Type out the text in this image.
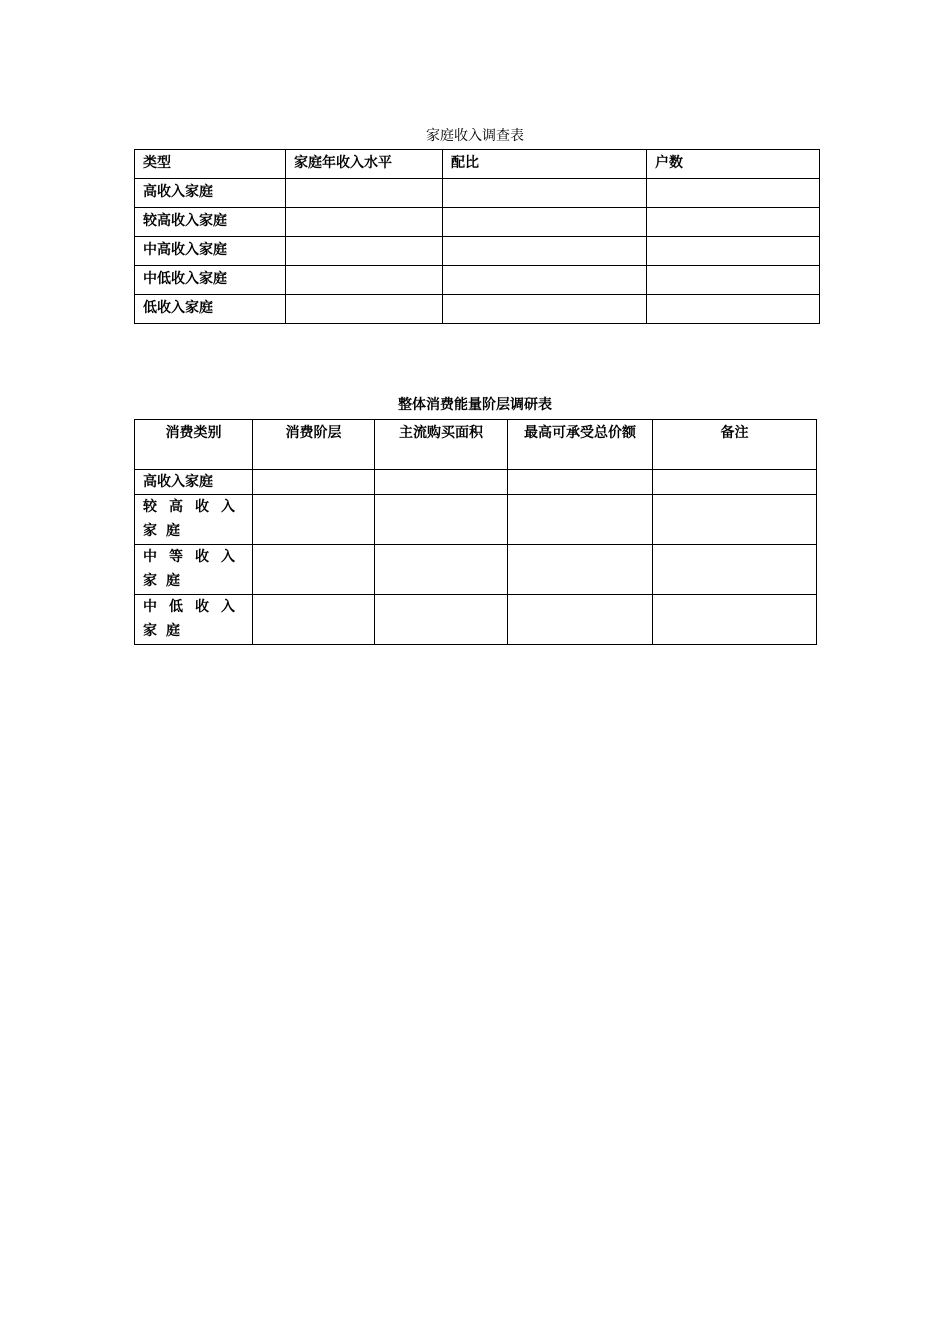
家庭收入调查表
类型	家庭年收入水平	配比	户数
高收入家庭			
较高收入家庭			
中高收入家庭			
中低收入家庭			
低收入家庭			
整体消费能量阶层调研表
消费类别	消费阶层	主流购买面积	最高可承受总价额	备注
高收入家庭				
较高收入家庭				
中等收入家庭				
中低收入家庭				
